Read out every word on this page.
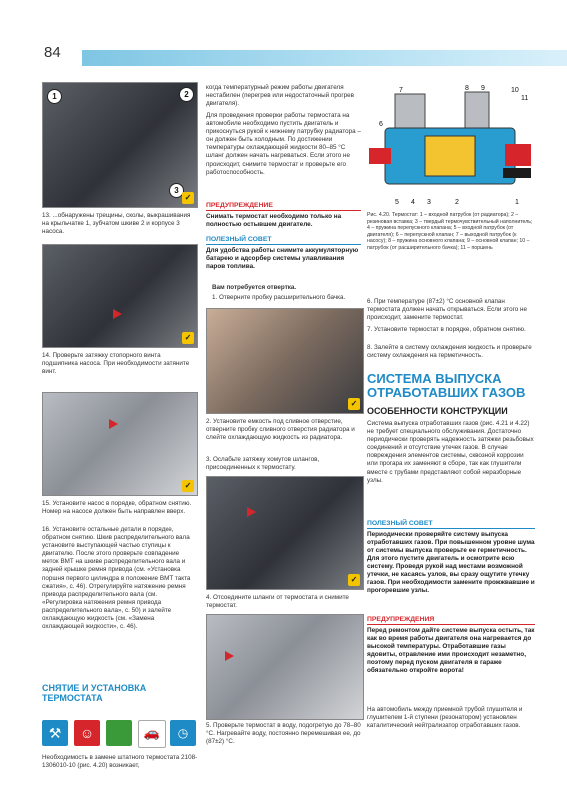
84
1	2
3
✓
13. ...обнаружены трещины, сколы, выкрашивания на крыльчатке 1, зубчатом шкиве 2 и корпусе 3 насоса.
✓
14. Проверьте затяжку стопорного винта подшипника насоса. При необходимости затяните винт.
✓
15. Установите насос в порядке, обратном снятию. Номер на насосе должен быть направлен вверх.
16. Установите остальные детали в порядке, обратном снятию. Шкив распределительного вала установите выступающей частью ступицы к двигателю. После этого проверьте совпадение меток ВМТ на шкиве распределительного вала и задней крышке ремня привода (см. «Установка поршня первого цилиндра в положение ВМТ такта сжатия», с. 46). Отрегулируйте натяжение ремня привода распределительного вала (см. «Регулировка натяжения ремня привода распределительного вала», с. 50) и залейте охлаждающую жидкость (см. «Замена охлаждающей жидкости», с. 46).
СНЯТИЕ И УСТАНОВКА
ТЕРМОСТАТА
⚒	☺	🚗	◷
Необходимость в замене штатного термостата 2108-1306010-10 (рис. 4.20) возникает,
когда температурный режим работы двигателя нестабилен (перегрев или недостаточный прогрев двигателя).
Для проведения проверки работы термостата на автомобиле необходимо пустить двигатель и прикоснуться рукой к нижнему патрубку радиатора – он должен быть холодным. По достижении температуры охлаждающей жидкости 80–85 °С шланг должен начать нагреваться. Если этого не происходит, снимите термостат и проверьте его работоспособность.
ПРЕДУПРЕЖДЕНИЕ
Снимать термостат необходимо только на полностью остывшем двигателе.
ПОЛЕЗНЫЙ СОВЕТ
Для удобства работы снимите аккумуляторную батарею и адсорбер системы улавливания паров топлива.
Вам потребуется отвертка.
1. Отверните пробку расширительного бачка.
✓
2. Установите емкость под сливное отверстие, отверните пробку сливного отверстия радиатора и слейте охлаждающую жидкость из радиатора.
3. Ослабьте затяжку хомутов шлангов, присоединенных к термостату.
✓
4. Отсоедините шланги от термостата и снимите термостат.
5. Проверьте термостат в воду, подогретую до 78–80 °С. Нагревайте воду, постоянно перемешивая ее, до (87±2) °С.
7
6
5 4 3	2	1
8 9	10
11
Рис. 4.20. Термостат: 1 – входной патрубок (от радиатора); 2 – резиновая вставка; 3 – твердый термочувствительный наполнитель; 4 – пружина перепускного клапана; 5 – входной патрубок (от двигателя); 6 – перепускной клапан; 7 – выходной патрубок (к насосу); 8 – пружина основного клапана; 9 – основной клапан; 10 – патрубок (от расширительного бачка); 11 – поршень
6. При температуре (87±2) °С основной клапан термостата должен начать открываться. Если этого не происходит, замените термостат.
7. Установите термостат в порядке, обратном снятию.
8. Залейте в систему охлаждения жидкость и проверьте систему охлаждения на герметичность.
СИСТЕМА ВЫПУСКА
ОТРАБОТАВШИХ ГАЗОВ
ОСОБЕННОСТИ КОНСТРУКЦИИ
Система выпуска отработавших газов (рис. 4.21 и 4.22) не требует специального обслуживания. Достаточно периодически проверять надежность затяжки резьбовых соединений и отсутствие утечек газов. В случае повреждения элементов системы, сквозной коррозии или прогара их заменяют в сборе, так как глушители вместе с трубами представляют собой неразборные узлы.
ПОЛЕЗНЫЙ СОВЕТ
Периодически проверяйте систему выпуска отработавших газов. При повышенном уровне шума от системы выпуска проверьте ее герметичность. Для этого пустите двигатель и осмотрите всю систему. Проведя рукой над местами возможной утечки, не касаясь узлов, вы сразу ощутите утечку газов. При необходимости замените прожжвавшие и прогоревшие узлы.
ПРЕДУПРЕЖДЕНИЯ
Перед ремонтом дайте системе выпуска остыть, так как во время работы двигателя она нагревается до высокой температуры. Отработавшие газы ядовиты, отравление ими происходит незаметно, поэтому перед пуском двигателя в гараже обязательно откройте ворота!
На автомобиль между приемной трубой глушителя и глушителем 1-й ступени (резонатором) установлен каталитический нейтрализатор отработавших газов.
